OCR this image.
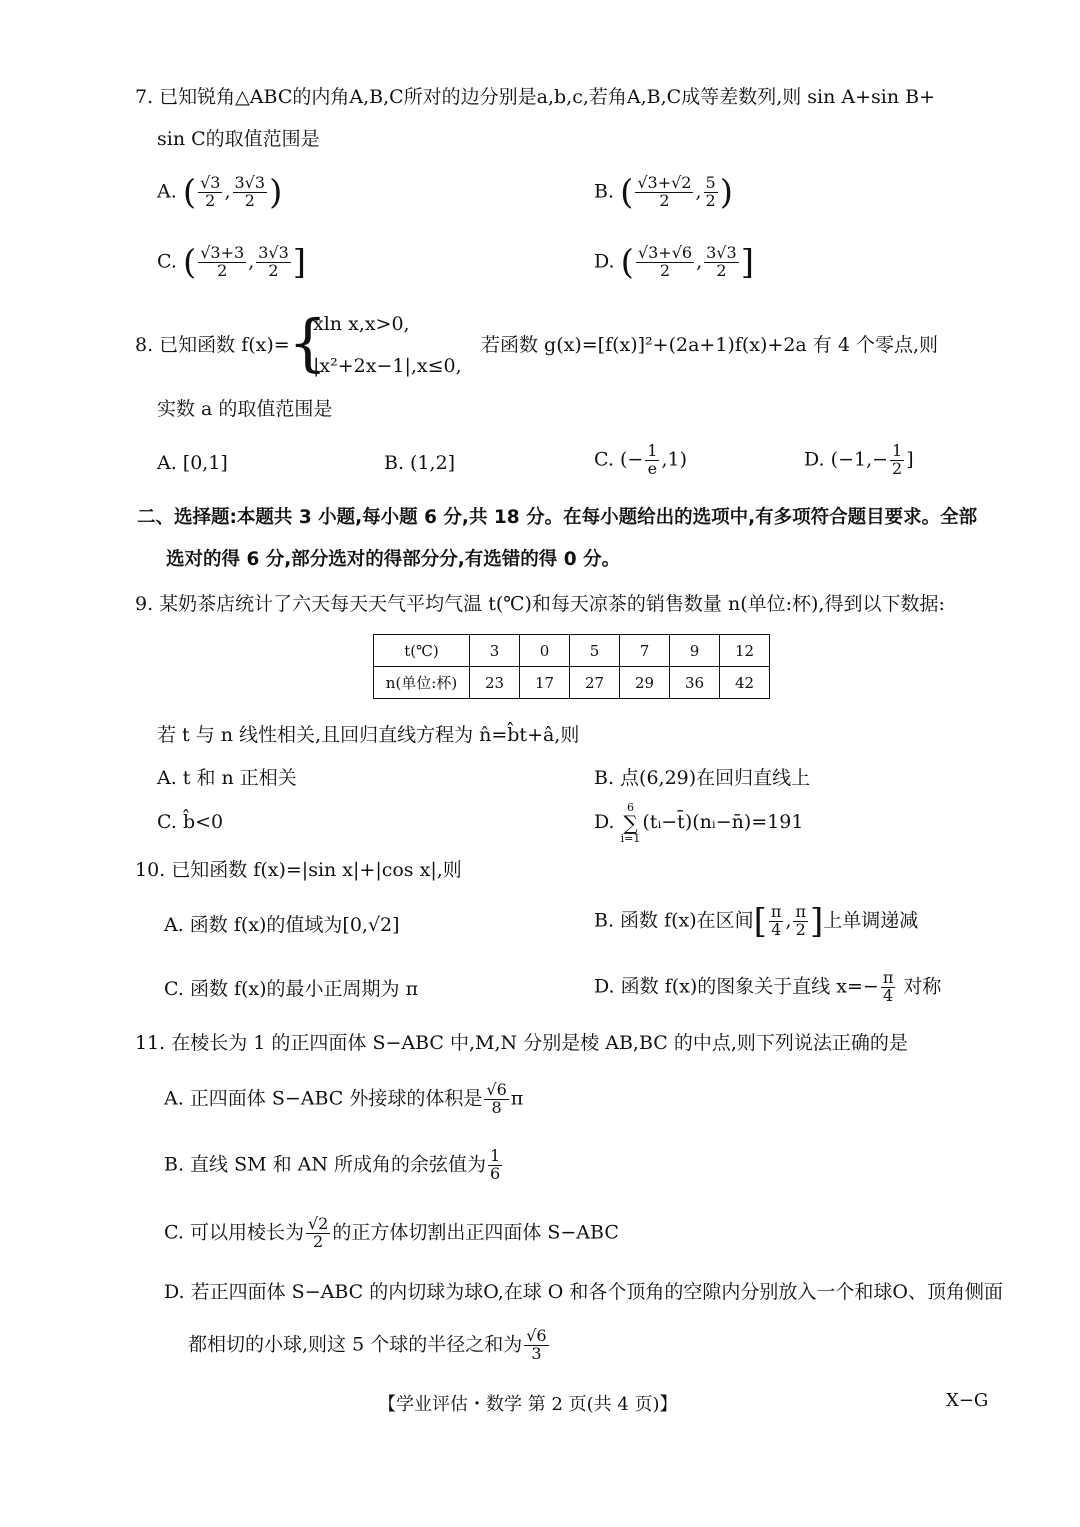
7. 已知锐角△ABC的内角A,B,C所对的边分别是a,b,c,若角A,B,C成等差数列,则 sin A+sin B+
sin C的取值范围是
A. ( $\frac{√3}{2}$ , $\frac{3√3}{2}$ )	B. ( $\frac{√3+√2}{2}$ , $\frac{5}{2}$ )
C. ( $\frac{√3+3}{2}$ , $\frac{3√3}{2}$ ]	D. ( $\frac{√3+√6}{2}$ , $\frac{3√3}{2}$ ]
8. 已知函数 f(x)=
{
xln x,x>0,
|x²+2x−1|,x≤0,
若函数 g(x)=[f(x)]²+(2a+1)f(x)+2a 有 4 个零点,则
实数 a 的取值范围是
A. [0,1]	B. (1,2]	C. (− $\frac{1}{e} ,1$)	D. ($-1,- \frac{1}{2}$ ]
二、选择题:本题共 3 小题,每小题 6 分,共 18 分。在每小题给出的选项中,有多项符合题目要求。全部
选对的得 6 分,部分选对的得部分分,有选错的得 0 分。
9. 某奶茶店统计了六天每天天气平均气温 t(℃)和每天凉茶的销售数量 n(单位:杯),得到以下数据:
t(℃)	3	0	5	7	9	12
n(单位:杯)	23	17	27	29	36	42
若 t 与 n 线性相关,且回归直线方程为 n̂=b̂t+â,则
A. t 和 n 正相关	B. 点(6,29)在回归直线上
C. b̂<0	D.
6
∑
i=1
(tᵢ−t̄)(nᵢ−n̄)=191
10. 已知函数 f(x)=|sin x|+|cos x|,则
A. 函数 f(x)的值域为[0,√2]	B. 函数 f(x)在区间[ $\frac{\pi}{4}$ , $\frac{\pi}{2}$ ]上单调递减
C. 函数 f(x)的最小正周期为 π	D. 函数 f(x)的图象关于直线 $x=- \frac{\pi}{4}$ 对称
11. 在棱长为 1 的正四面体 S−ABC 中,M,N 分别是棱 AB,BC 的中点,则下列说法正确的是
A. 正四面体 S−ABC 外接球的体积是 $\frac{√6}{8}$ π
B. 直线 SM 和 AN 所成角的余弦值为 $\frac{1}{6}$
C. 可以用棱长为 $\frac{√2}{2}$ 的正方体切割出正四面体 S−ABC
D. 若正四面体 S−ABC 的内切球为球O,在球 O 和各个顶角的空隙内分别放入一个和球O、顶角侧面
都相切的小球,则这 5 个球的半径之和为 $\frac{√6}{3}$
【学业评估・数学 第 2 页(共 4 页)】	X−G
